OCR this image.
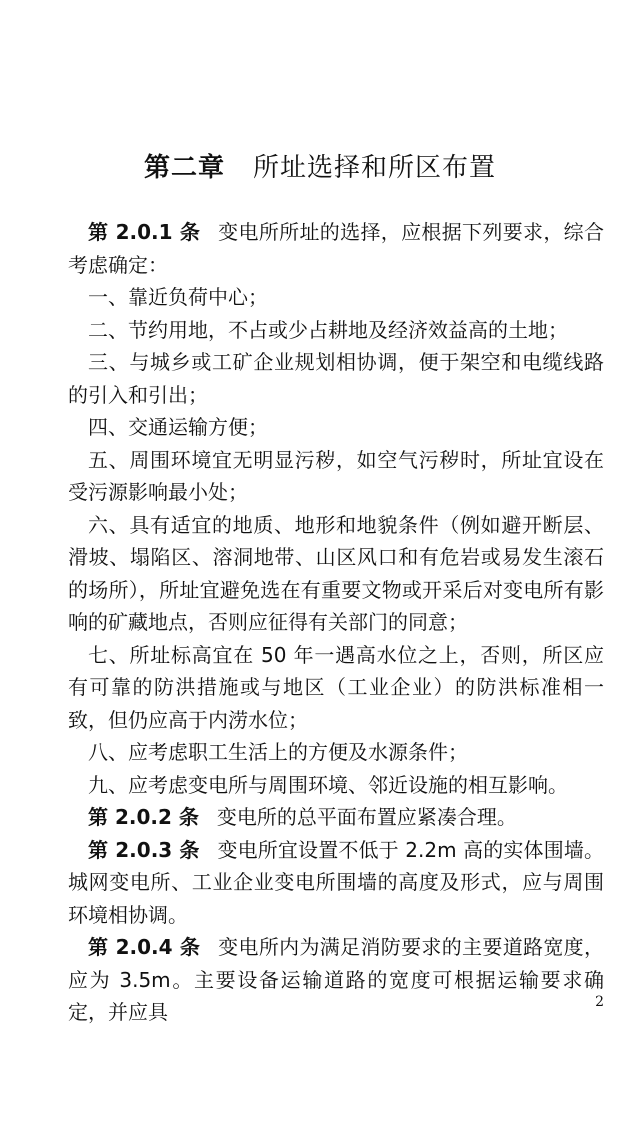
第二章 所址选择和所区布置

第 2.0.1 条 变电所所址的选择，应根据下列要求，综合考虑确定：

一、靠近负荷中心；

二、节约用地，不占或少占耕地及经济效益高的土地；

三、与城乡或工矿企业规划相协调，便于架空和电缆线路的引入和引出；

四、交通运输方便；

五、周围环境宜无明显污秽，如空气污秽时，所址宜设在受污源影响最小处；

六、具有适宜的地质、地形和地貌条件（例如避开断层、滑坡、塌陷区、溶洞地带、山区风口和有危岩或易发生滚石的场所），所址宜避免选在有重要文物或开采后对变电所有影响的矿藏地点，否则应征得有关部门的同意；

七、所址标高宜在 50 年一遇高水位之上，否则，所区应有可靠的防洪措施或与地区（工业企业）的防洪标准相一致，但仍应高于内涝水位；

八、应考虑职工生活上的方便及水源条件；

九、应考虑变电所与周围环境、邻近设施的相互影响。

第 2.0.2 条 变电所的总平面布置应紧凑合理。

第 2.0.3 条 变电所宜设置不低于 2.2m 高的实体围墙。城网变电所、工业企业变电所围墙的高度及形式，应与周围环境相协调。

第 2.0.4 条 变电所内为满足消防要求的主要道路宽度，应为 3.5m。主要设备运输道路的宽度可根据运输要求确定，并应具	2
